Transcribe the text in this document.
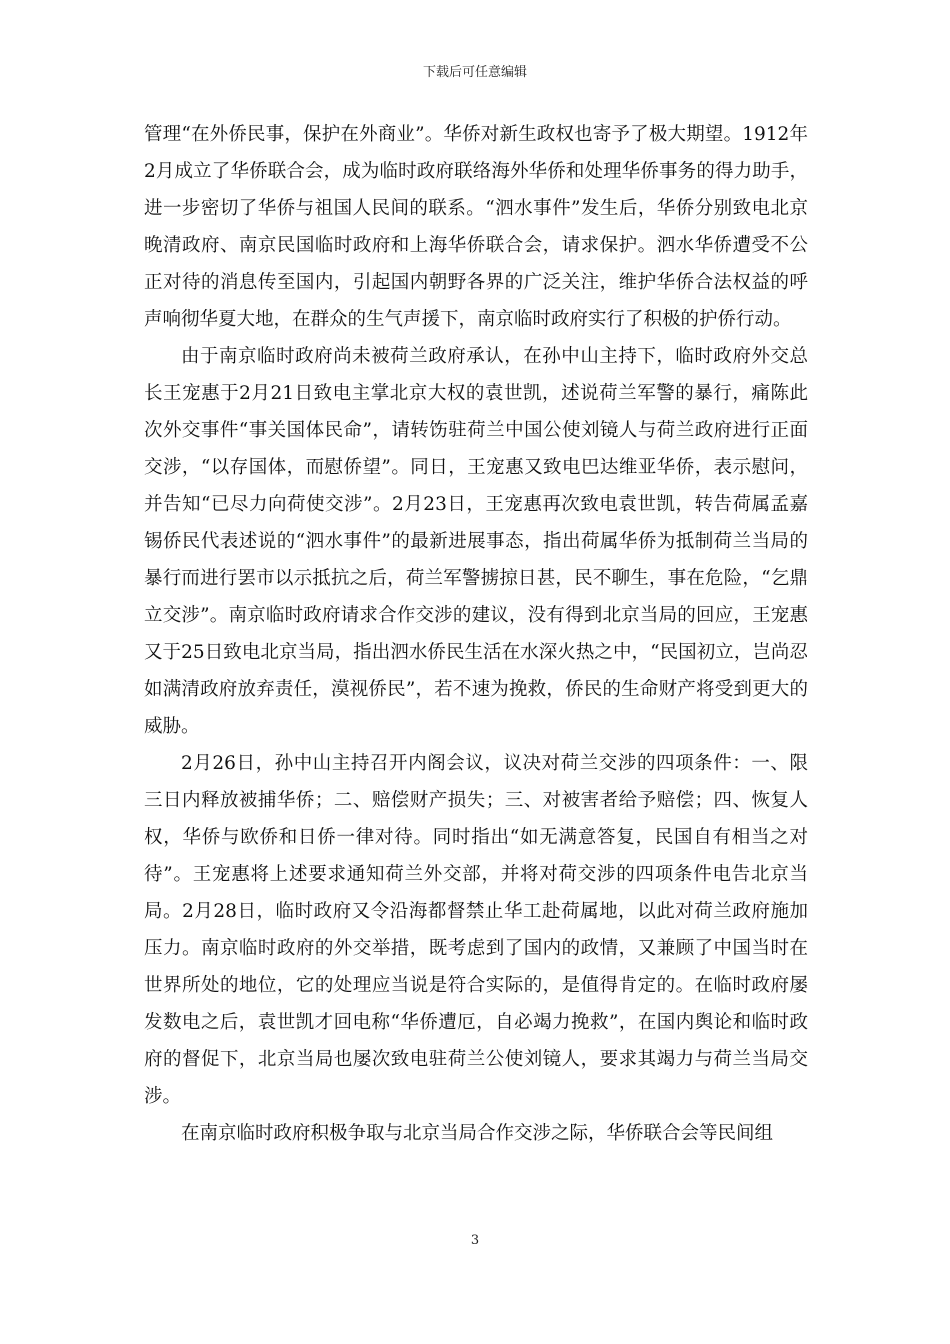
下载后可任意编辑

管理“在外侨民事，保护在外商业”。华侨对新生政权也寄予了极大期望。1912年2月成立了华侨联合会，成为临时政府联络海外华侨和处理华侨事务的得力助手，进一步密切了华侨与祖国人民间的联系。“泗水事件”发生后，华侨分别致电北京晚清政府、南京民国临时政府和上海华侨联合会，请求保护。泗水华侨遭受不公正对待的消息传至国内，引起国内朝野各界的广泛关注，维护华侨合法权益的呼声响彻华夏大地，在群众的生气声援下，南京临时政府实行了积极的护侨行动。

由于南京临时政府尚未被荷兰政府承认，在孙中山主持下，临时政府外交总长王宠惠于2月21日致电主掌北京大权的袁世凯，述说荷兰军警的暴行，痛陈此次外交事件“事关国体民命”，请转饬驻荷兰中国公使刘镜人与荷兰政府进行正面交涉，“以存国体，而慰侨望”。同日，王宠惠又致电巴达维亚华侨，表示慰问，并告知“已尽力向荷使交涉”。2月23日，王宠惠再次致电袁世凯，转告荷属孟嘉锡侨民代表述说的“泗水事件”的最新进展事态，指出荷属华侨为抵制荷兰当局的暴行而进行罢市以示抵抗之后，荷兰军警掳掠日甚，民不聊生，事在危险，“乞鼎立交涉”。南京临时政府请求合作交涉的建议，没有得到北京当局的回应，王宠惠又于25日致电北京当局，指出泗水侨民生活在水深火热之中，“民国初立，岂尚忍如满清政府放弃责任，漠视侨民”，若不速为挽救，侨民的生命财产将受到更大的威胁。

2月26日，孙中山主持召开内阁会议，议决对荷兰交涉的四项条件：一、限三日内释放被捕华侨；二、赔偿财产损失；三、对被害者给予赔偿；四、恢复人权，华侨与欧侨和日侨一律对待。同时指出“如无满意答复，民国自有相当之对待”。王宠惠将上述要求通知荷兰外交部，并将对荷交涉的四项条件电告北京当局。2月28日，临时政府又令沿海都督禁止华工赴荷属地，以此对荷兰政府施加压力。南京临时政府的外交举措，既考虑到了国内的政情，又兼顾了中国当时在世界所处的地位，它的处理应当说是符合实际的，是值得肯定的。在临时政府屡发数电之后，袁世凯才回电称“华侨遭厄，自必竭力挽救”，在国内舆论和临时政府的督促下，北京当局也屡次致电驻荷兰公使刘镜人，要求其竭力与荷兰当局交涉。

在南京临时政府积极争取与北京当局合作交涉之际，华侨联合会等民间组

3
